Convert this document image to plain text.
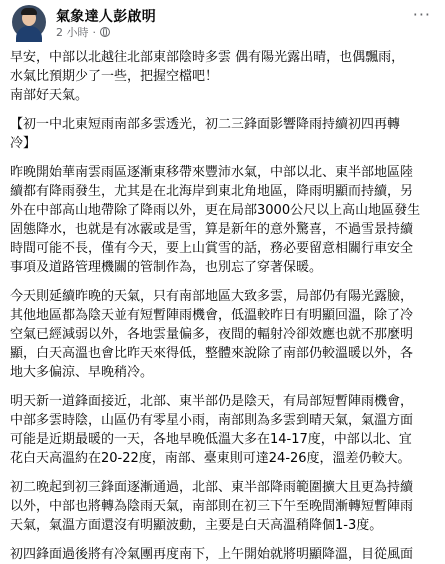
氣象達人彭啟明
2 小時 ·
···

早安，中部以北越往北部東部陰時多雲 偶有陽光露出晴，也偶飄雨，
水氣比預期少了一些，把握空檔吧！
南部好天氣。

【初一中北東短雨南部多雲透光，初二三鋒面影響降雨持續初四再轉
冷】

昨晚開始華南雲雨區逐漸東移帶來豐沛水氣，中部以北、東半部地區陸
續都有降雨發生，尤其是在北海岸到東北角地區，降雨明顯而持續，另
外在中部高山地帶除了降雨以外，更在局部3000公尺以上高山地區發生
固態降水，也就是有冰霰或是雪，算是新年的意外驚喜，不過雪景持續
時間可能不長，僅有今天，要上山賞雪的話，務必要留意相關行車安全
事項及道路管理機關的管制作為，也別忘了穿著保暖。

今天則延續昨晚的天氣，只有南部地區大致多雲，局部仍有陽光露臉，
其他地區都為陰天並有短暫陣雨機會，低溫較昨日有明顯回溫，除了冷
空氣已經減弱以外，各地雲量偏多，夜間的輻射冷卻效應也就不那麼明
顯，白天高溫也會比昨天來得低，整體來說除了南部仍較溫暖以外，各
地大多偏涼、早晚稍冷。

明天新一道鋒面接近，北部、東半部仍是陰天，有局部短暫陣雨機會，
中部多雲時陰，山區仍有零星小雨，南部則為多雲到晴天氣，氣溫方面
可能是近期最暖的一天，各地早晚低溫大多在14-17度，中部以北、宜
花白天高溫約在20-22度，南部、臺東則可達24-26度，溫差仍較大。

初二晚起到初三鋒面逐漸通過，北部、東半部降雨範圍擴大且更為持續
以外，中部也將轉為陰雨天氣，南部則在初三下午至晚間漸轉短暫陣雨
天氣，氣溫方面還沒有明顯波動，主要是白天高溫稍降個1-3度。

初四鋒面過後將有冷氣團再度南下，上午開始就將明顯降溫，目從風面
